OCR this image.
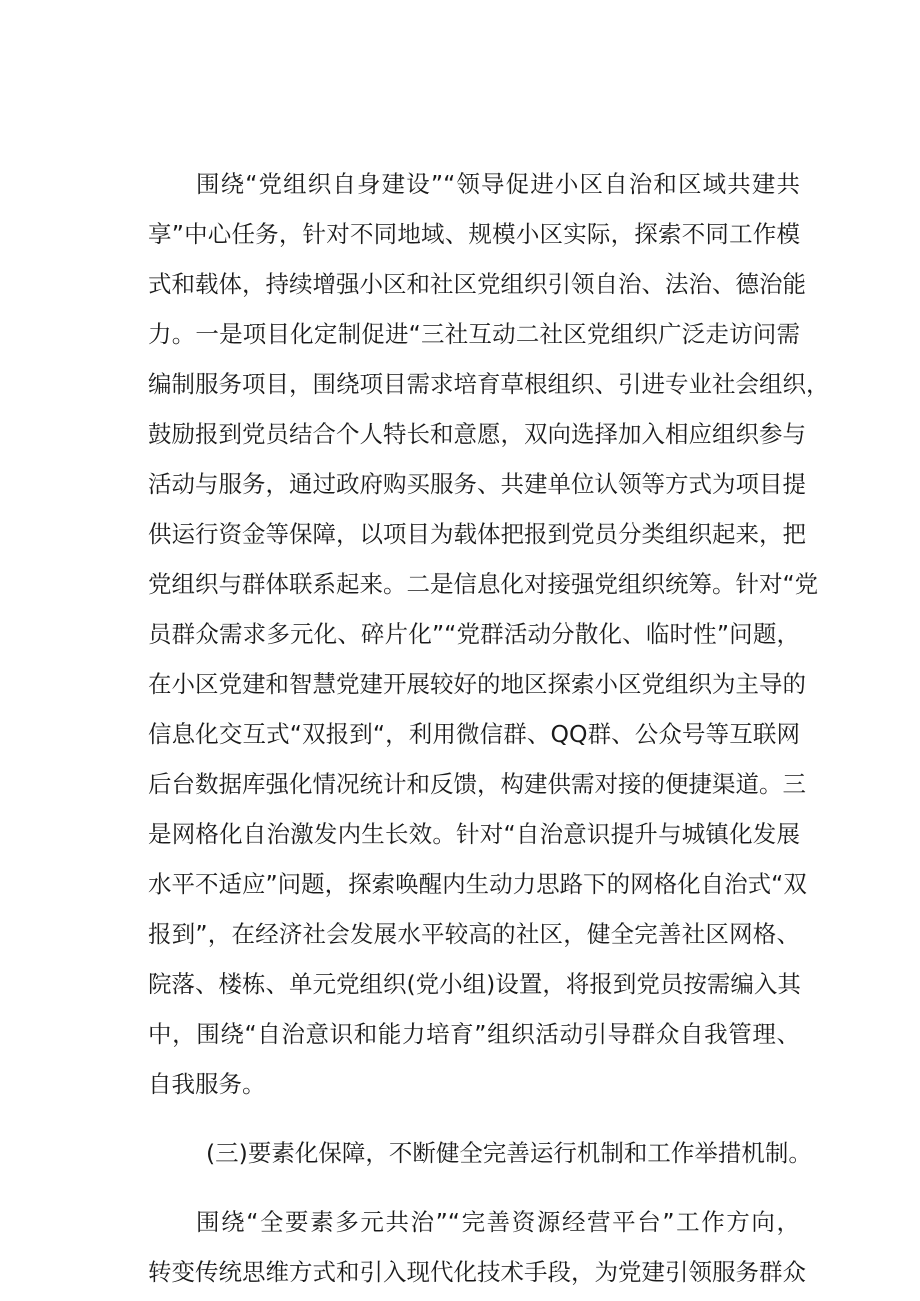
围绕“党组织自身建设”“领导促进小区自治和区域共建共
享”中心任务，针对不同地域、规模小区实际，探索不同工作模
式和载体，持续增强小区和社区党组织引领自治、法治、德治能
力。一是项目化定制促进“三社互动二社区党组织广泛走访问需
编制服务项目，围绕项目需求培育草根组织、引进专业社会组织，
鼓励报到党员结合个人特长和意愿，双向选择加入相应组织参与
活动与服务，通过政府购买服务、共建单位认领等方式为项目提
供运行资金等保障，以项目为载体把报到党员分类组织起来，把
党组织与群体联系起来。二是信息化对接强党组织统筹。针对“党
员群众需求多元化、碎片化”“党群活动分散化、临时性”问题，
在小区党建和智慧党建开展较好的地区探索小区党组织为主导的
信息化交互式“双报到“，利用微信群、QQ群、公众号等互联网
后台数据库强化情况统计和反馈，构建供需对接的便捷渠道。三
是网格化自治激发内生长效。针对“自治意识提升与城镇化发展
水平不适应”问题，探索唤醒内生动力思路下的网格化自治式“双
报到”，在经济社会发展水平较高的社区，健全完善社区网格、
院落、楼栋、单元党组织(党小组)设置，将报到党员按需编入其
中，围绕“自治意识和能力培育”组织活动引导群众自我管理、
自我服务。
(三)要素化保障，不断健全完善运行机制和工作举措机制。
围绕“全要素多元共治”“完善资源经营平台”工作方向，
转变传统思维方式和引入现代化技术手段，为党建引领服务群众
